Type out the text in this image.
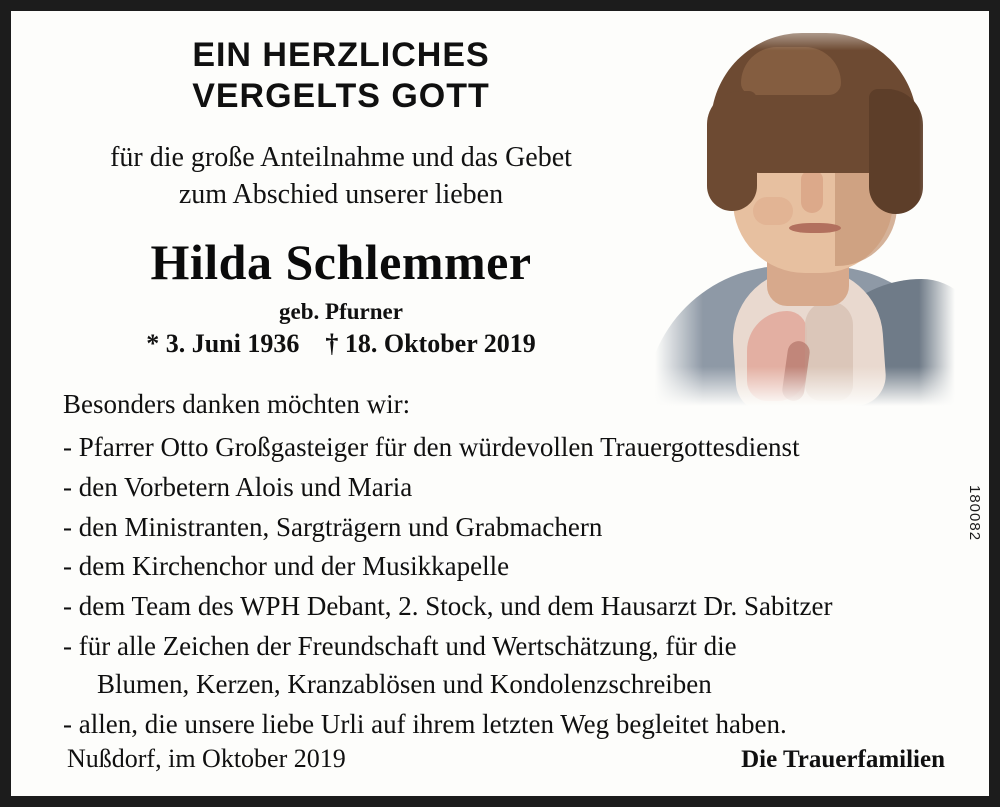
EIN HERZLICHES
VERGELTS GOTT
für die große Anteilnahme und das Gebet
zum Abschied unserer lieben
Hilda Schlemmer
geb. Pfurner
* 3. Juni 1936 † 18. Oktober 2019
Besonders danken möchten wir:
- Pfarrer Otto Großgasteiger für den würdevollen Trauergottesdienst
- den Vorbetern Alois und Maria
- den Ministranten, Sargträgern und Grabmachern
- dem Kirchenchor und der Musikkapelle
- dem Team des WPH Debant, 2. Stock, und dem Hausarzt Dr. Sabitzer
- für alle Zeichen der Freundschaft und Wertschätzung, für die
Blumen, Kerzen, Kranzablösen und Kondolenzschreiben
- allen, die unsere liebe Urli auf ihrem letzten Weg begleitet haben.
Nußdorf, im Oktober 2019	Die Trauerfamilien
180082
